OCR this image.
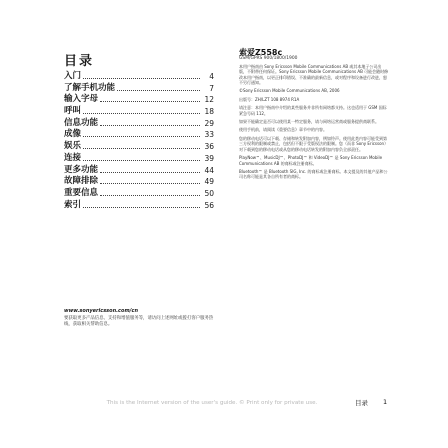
目录
入门	4
了解手机功能	7
输入字母	12
呼叫	18
信息功能	29
成像	33
娱乐	36
连接	39
更多功能	44
故障排除	49
重要信息	50
索引	56
www.sonyericsson.com/cn
要获取更多产品信息、支持和增值服务等，请访问上述网址或拨打客户服务热线，获取相关帮助信息。
索爱Z558c
GSM/GPRS 900/1800/1900

本用户指南由 Sony Ericsson Mobile Communications AB 或其本地子公司出版，不附带任何保证。Sony Ericsson Mobile Communications AB 可能会随时修改本用户指南，以更正排印错误、不准确的最新信息，或对程序和设备进行改进，恕不另行通知。

©Sony Ericsson Mobile Communications AB, 2006

出版号：ZH/LZT 108 8974 R1A

请注意：本用户指南中介绍的某些服务并非所有网络都支持。这也适用于 GSM 国际紧急号码 112。

如果不能确定是否可以使用某一特定服务，请与网络运营商或服务提供商联系。

使用手机前，请阅读《重要信息》章节中的内容。

您的移动电话可以下载、存储和转发附加内容，例如铃声。使用此类内容可能受到第三方权利的限制或禁止，包括但不限于受版权法的限制。您（而非 Sony Ericsson）对下载到您的移动电话或从您的移动电话转发的附加内容负全部责任。

PlayNow™、MusicDJ™、PhotoDJ™ 和 VideoDJ™ 是 Sony Ericsson Mobile Communications AB 的商标或注册商标。

Bluetooth™ 是 Bluetooth SIG, Inc. 的商标或注册商标。本文提及的其他产品和公司名称可能是其各自所有者的商标。

This is the Internet version of the user's guide. © Print only for private use.	目录 1
